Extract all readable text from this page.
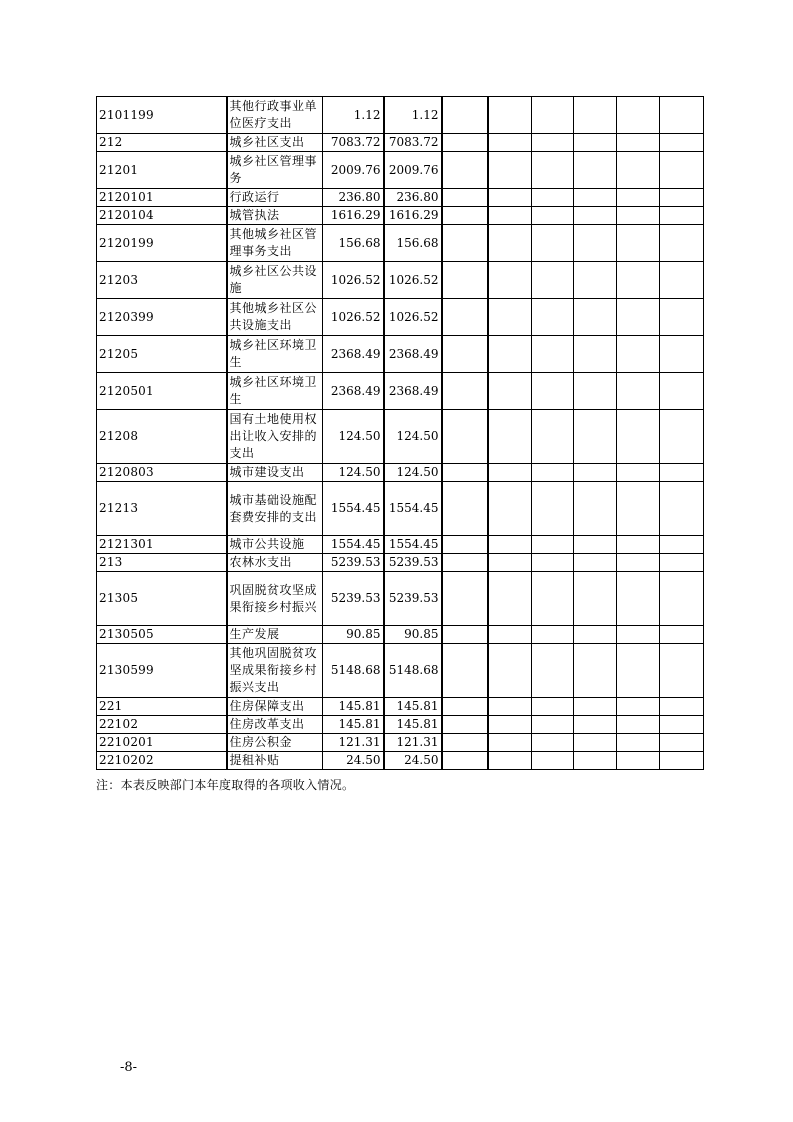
2101199	其他行政事业单位医疗支出	1.12	1.12						
212	城乡社区支出	7083.72	7083.72						
21201	城乡社区管理事务	2009.76	2009.76						
2120101	行政运行	236.80	236.80						
2120104	城管执法	1616.29	1616.29						
2120199	其他城乡社区管理事务支出	156.68	156.68						
21203	城乡社区公共设施	1026.52	1026.52						
2120399	其他城乡社区公共设施支出	1026.52	1026.52						
21205	城乡社区环境卫生	2368.49	2368.49						
2120501	城乡社区环境卫生	2368.49	2368.49						
21208	国有土地使用权出让收入安排的支出	124.50	124.50						
2120803	城市建设支出	124.50	124.50						
21213	城市基础设施配套费安排的支出	1554.45	1554.45						
2121301	城市公共设施	1554.45	1554.45						
213	农林水支出	5239.53	5239.53						
21305	巩固脱贫攻坚成果衔接乡村振兴	5239.53	5239.53						
2130505	生产发展	90.85	90.85						
2130599	其他巩固脱贫攻坚成果衔接乡村振兴支出	5148.68	5148.68						
221	住房保障支出	145.81	145.81						
22102	住房改革支出	145.81	145.81						
2210201	住房公积金	121.31	121.31						
2210202	提租补贴	24.50	24.50						
注：本表反映部门本年度取得的各项收入情况。
-8-
